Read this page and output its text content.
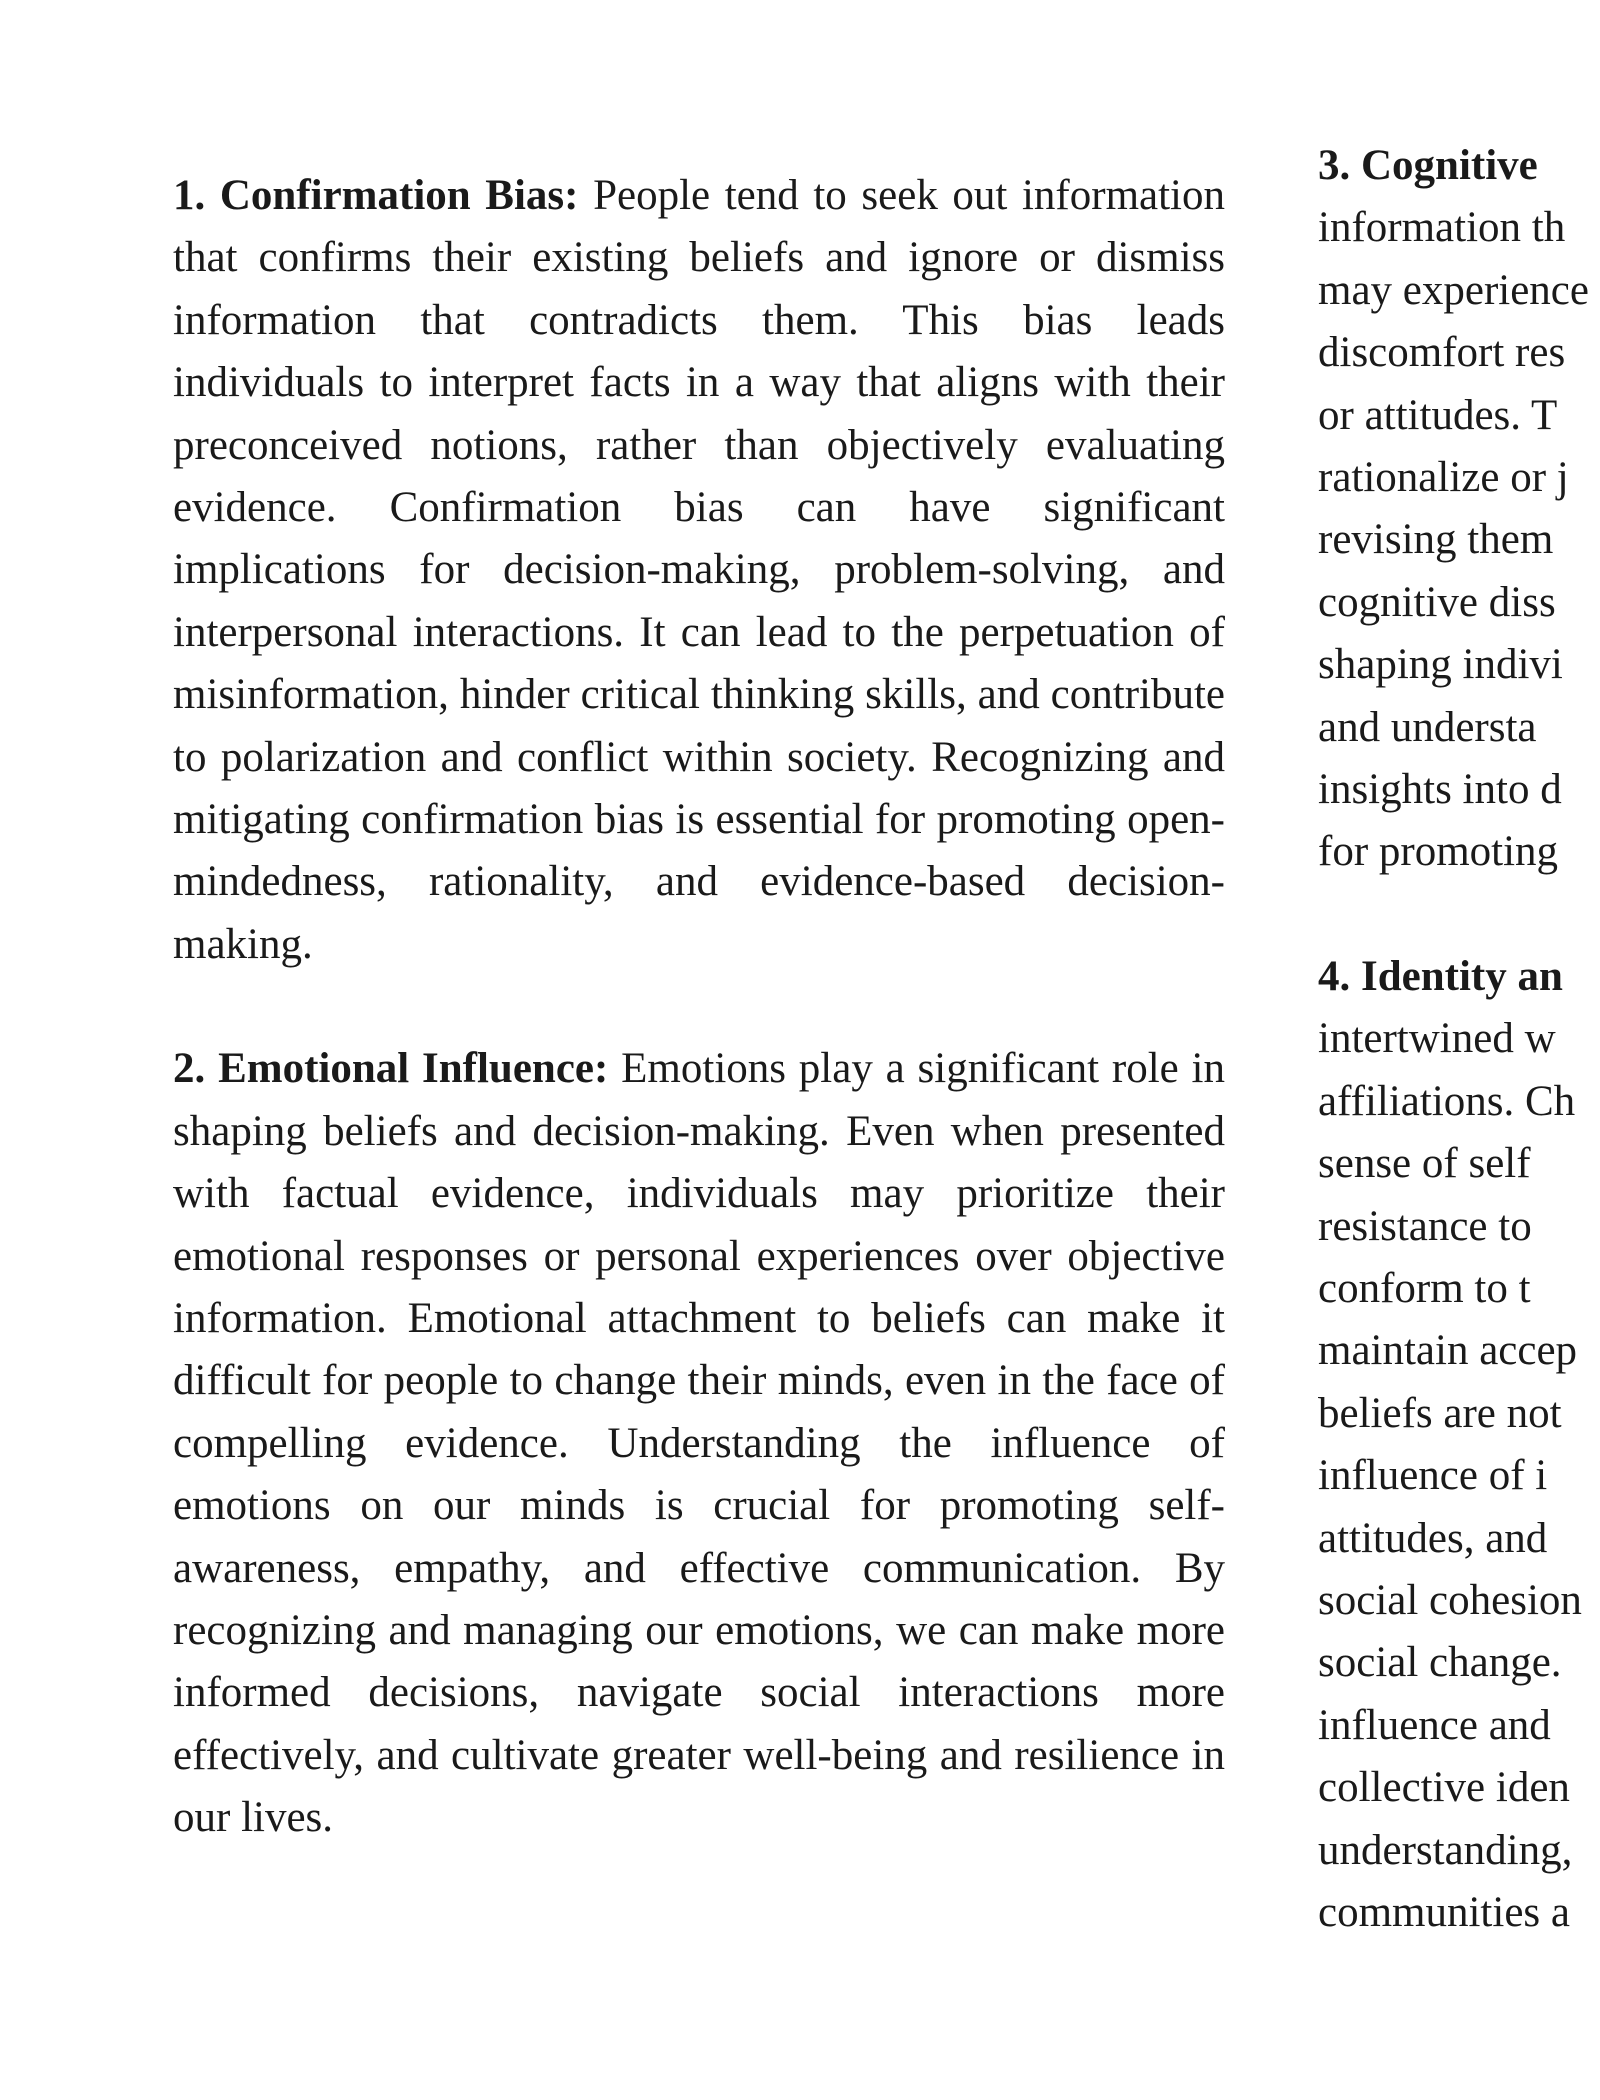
1. Confirmation Bias: People tend to seek out information that confirms their existing beliefs and ignore or dismiss information that contradicts them. This bias leads individuals to interpret facts in a way that aligns with their preconceived notions, rather than objectively evaluating evidence. Confirmation bias can have significant implications for decision-making, problem-solving, and interpersonal interactions. It can lead to the perpetuation of misinformation, hinder critical thinking skills, and contribute to polarization and conflict within society. Recognizing and mitigating confirmation bias is essential for promoting open-mindedness, rationality, and evidence-based decision-making.

2. Emotional Influence: Emotions play a significant role in shaping beliefs and decision-making. Even when presented with factual evidence, individuals may prioritize their emotional responses or personal experiences over objective information. Emotional attachment to beliefs can make it difficult for people to change their minds, even in the face of compelling evidence. Understanding the influence of emotions on our minds is crucial for promoting self-awareness, empathy, and effective communication. By recognizing and managing our emotions, we can make more informed decisions, navigate social interactions more effectively, and cultivate greater well-being and resilience in our lives.

3. Cognitive
information th
may experience
discomfort res
or attitudes. T
rationalize or j
revising them
cognitive diss
shaping indivi
and understa
insights into d
for promoting
4. Identity an
intertwined w
affiliations. Ch
sense of self
resistance to
conform to t
maintain accep
beliefs are not
influence of i
attitudes, and
social cohesion
social change.
influence and
collective iden
understanding,
communities a
